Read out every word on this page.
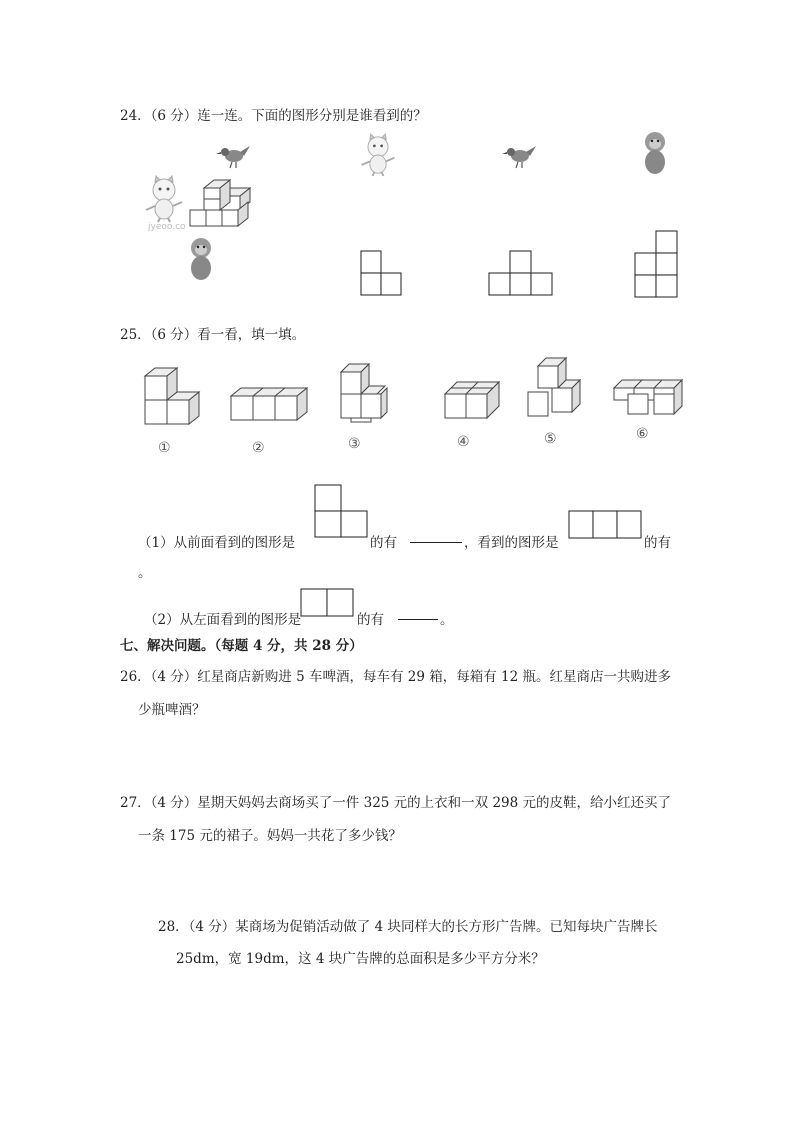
24．（6 分）连一连。下面的图形分别是谁看到的？
jyeoo.co
25．（6 分）看一看，填一填。
①	②	③	④	⑤	⑥
（1）从前面看到的图形是	的有	，看到的图形是	的有
。
（2）从左面看到的图形是	的有	。
七、解决问题。（每题 4 分，共 28 分）
26．（4 分）红星商店新购进 5 车啤酒，每车有 29 箱，每箱有 12 瓶。红星商店一共购进多
少瓶啤酒？
27．（4 分）星期天妈妈去商场买了一件 325 元的上衣和一双 298 元的皮鞋，给小红还买了
一条 175 元的裙子。妈妈一共花了多少钱？
28．（4 分）某商场为促销活动做了 4 块同样大的长方形广告牌。已知每块广告牌长
25dm，宽 19dm，这 4 块广告牌的总面积是多少平方分米？
